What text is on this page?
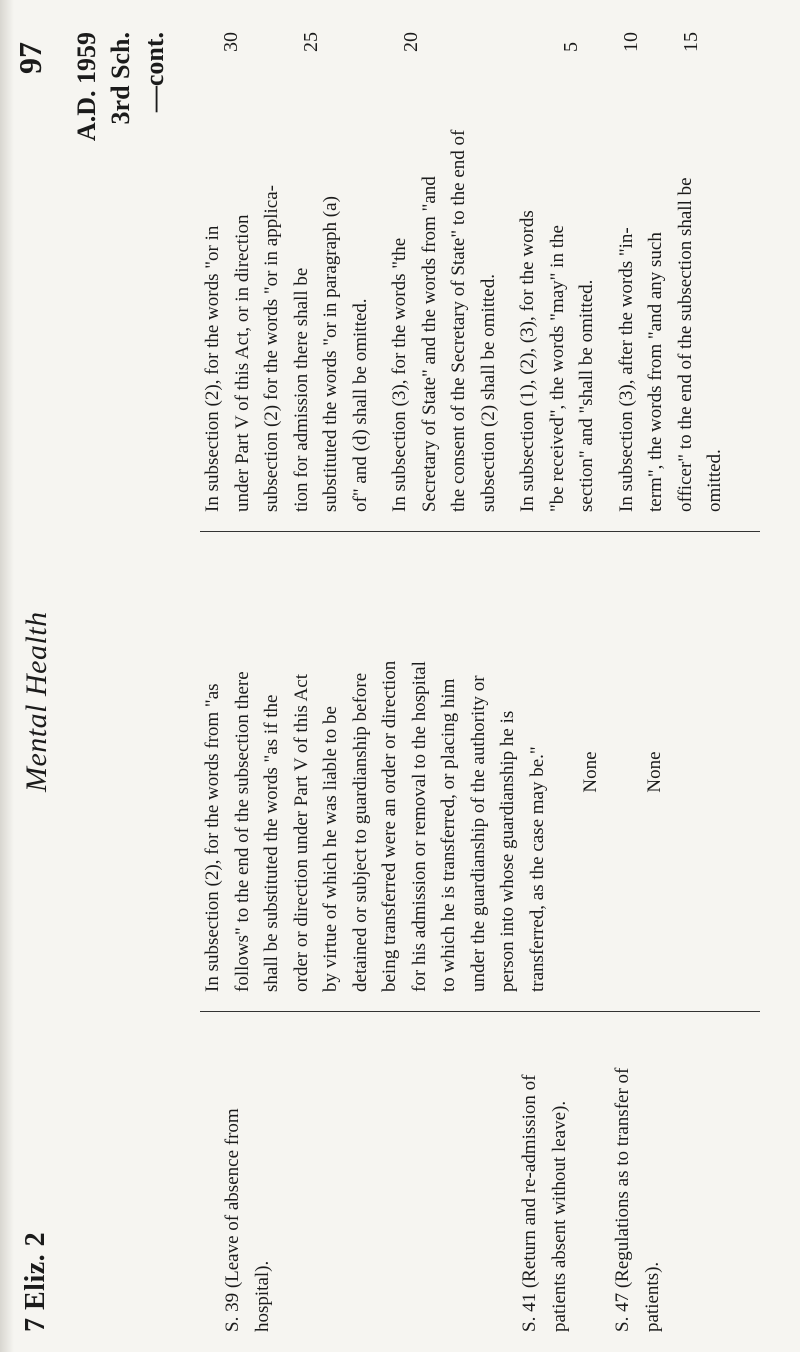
97 A.D. 1959 3rd Sch. —cont.
Mental Health
7 Eliz. 2	S. 39 (Leave of absence from hospital).	S. 41 (Return and re-admission of patients absent without leave). S. 47 (Regulations as to transfer of patients).

In subsection (2), for the words from "as follows" to the end of the subsection there shall be substituted the words "as if the order or direction under Part V of this Act by virtue of which he was liable to be detained or subject to guardianship before being transferred were an order or direction for his admission or removal to the hospital to which he is transferred, or placing him under the guardianship of the authority or person into whose guardianship he is transferred, as the case may be." None None

In subsection (2), for the words "or in under Part V of this Act, or in direction subsection (2) for the words "or in applica- tion for admission there shall be substituted the words "or in paragraph (a) of" and (d) shall be omitted. In subsection (3), for the words "the Secretary of State" and the words from "and the consent of the Secretary of State" to the end of subsection (2) shall be omitted. In subsection (1), (2), (3), for the words "be received", the words "may" in the section" and "shall be omitted. In subsection (3), after the words "in- term", the words from "and any such officer" to the end of the subsection shall be omitted.

5 10 15
20
25
30
